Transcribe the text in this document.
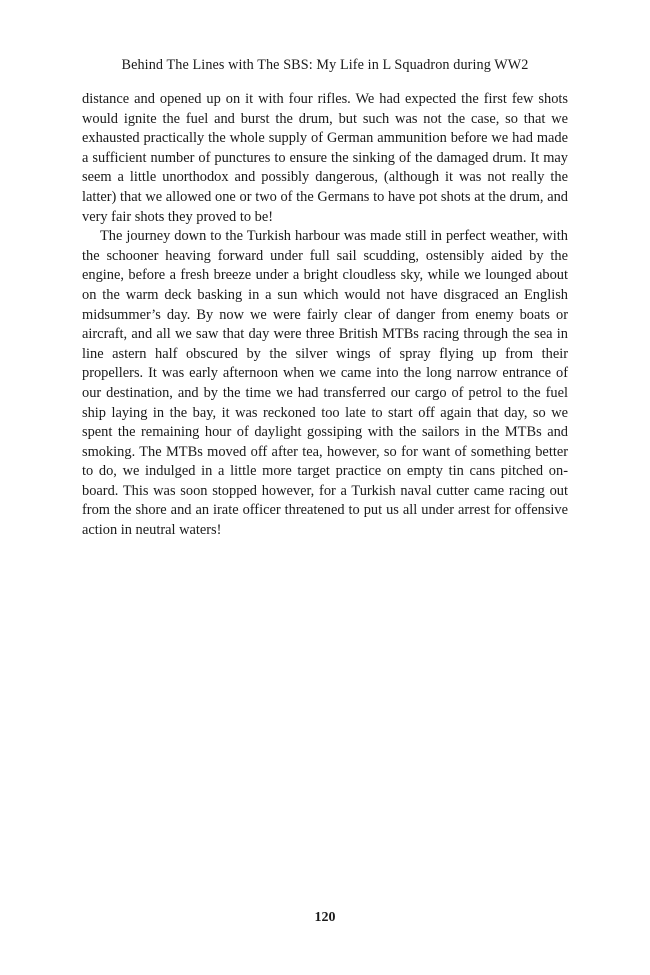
Behind The Lines with The SBS: My Life in L Squadron during WW2

distance and opened up on it with four rifles. We had expected the first few shots would ignite the fuel and burst the drum, but such was not the case, so that we exhausted practically the whole supply of German ammunition before we had made a sufficient number of punctures to ensure the sinking of the damaged drum. It may seem a little unorthodox and possibly dangerous, (although it was not really the latter) that we allowed one or two of the Germans to have pot shots at the drum, and very fair shots they proved to be!

The journey down to the Turkish harbour was made still in perfect weather, with the schooner heaving forward under full sail scudding, ostensibly aided by the engine, before a fresh breeze under a bright cloudless sky, while we lounged about on the warm deck basking in a sun which would not have disgraced an English midsummer’s day. By now we were fairly clear of danger from enemy boats or aircraft, and all we saw that day were three British MTBs racing through the sea in line astern half obscured by the silver wings of spray flying up from their propellers. It was early afternoon when we came into the long narrow entrance of our destination, and by the time we had transferred our cargo of petrol to the fuel ship laying in the bay, it was reckoned too late to start off again that day, so we spent the remaining hour of daylight gossiping with the sailors in the MTBs and smoking. The MTBs moved off after tea, however, so for want of something better to do, we indulged in a little more target practice on empty tin cans pitched on-board. This was soon stopped however, for a Turkish naval cutter came racing out from the shore and an irate officer threatened to put us all under arrest for offensive action in neutral waters!

120
